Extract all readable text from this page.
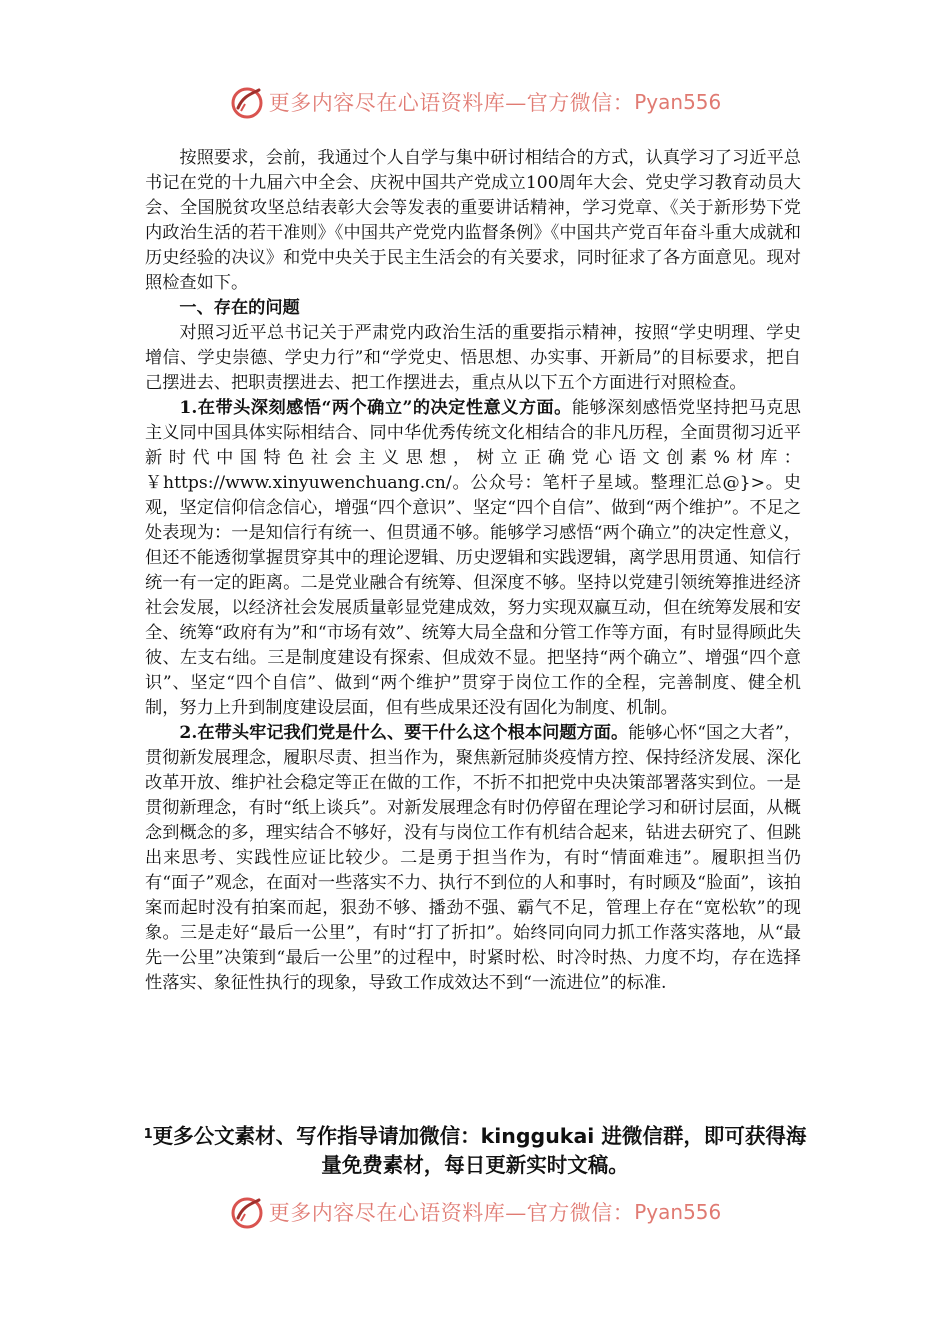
更多内容尽在心语资料库—官方微信： Pyan556

按照要求，会前，我通过个人自学与集中研讨相结合的方式，认真学习了习近平总书记在党的十九届六中全会、庆祝中国共产党成立100周年大会、党史学习教育动员大会、全国脱贫攻坚总结表彰大会等发表的重要讲话精神，学习党章、《关于新形势下党内政治生活的若干准则》《中国共产党党内监督条例》《中国共产党百年奋斗重大成就和历史经验的决议》和党中央关于民主生活会的有关要求，同时征求了各方面意见。现对照检查如下。

一、存在的问题

对照习近平总书记关于严肃党内政治生活的重要指示精神，按照“学史明理、学史增信、学史崇德、学史力行”和“学党史、悟思想、办实事、开新局”的目标要求，把自己摆进去、把职责摆进去、把工作摆进去，重点从以下五个方面进行对照检查。

1.在带头深刻感悟“两个确立”的决定性意义方面。能够深刻感悟党坚持把马克思主义同中国具体实际相结合、同中华优秀传统文化相结合的非凡历程，全面贯彻习近平新时代中国特色社会主义思想，树立正确党心语文创素%材库：￥https://www.xinyuwenchuang.cn/。公众号：笔杆子星域。整理汇总@}>。史观，坚定信仰信念信心，增强“四个意识”、坚定“四个自信”、做到“两个维护”。不足之处表现为：一是知信行有统一、但贯通不够。能够学习感悟“两个确立”的决定性意义，但还不能透彻掌握贯穿其中的理论逻辑、历史逻辑和实践逻辑，离学思用贯通、知信行统一有一定的距离。二是党业融合有统筹、但深度不够。坚持以党建引领统筹推进经济社会发展，以经济社会发展质量彰显党建成效，努力实现双赢互动，但在统筹发展和安全、统筹“政府有为”和“市场有效”、统筹大局全盘和分管工作等方面，有时显得顾此失彼、左支右绌。三是制度建设有探索、但成效不显。把坚持“两个确立”、增强“四个意识”、坚定“四个自信”、做到“两个维护”贯穿于岗位工作的全程，完善制度、健全机制，努力上升到制度建设层面，但有些成果还没有固化为制度、机制。

2.在带头牢记我们党是什么、要干什么这个根本问题方面。能够心怀“国之大者”，贯彻新发展理念，履职尽责、担当作为，聚焦新冠肺炎疫情方控、保持经济发展、深化改革开放、维护社会稳定等正在做的工作，不折不扣把党中央决策部署落实到位。一是贯彻新理念，有时“纸上谈兵”。对新发展理念有时仍停留在理论学习和研讨层面，从概念到概念的多，理实结合不够好，没有与岗位工作有机结合起来，钻进去研究了、但跳出来思考、实践性应证比较少。二是勇于担当作为，有时“情面难违”。履职担当仍有“面子”观念，在面对一些落实不力、执行不到位的人和事时，有时顾及“脸面”，该拍案而起时没有拍案而起，狠劲不够、播劲不强、霸气不足，管理上存在“宽松软”的现象。三是走好“最后一公里”，有时“打了折扣”。始终同向同力抓工作落实落地，从“最先一公里”决策到“最后一公里”的过程中，时紧时松、时冷时热、力度不均，存在选择性落实、象征性执行的现象，导致工作成效达不到“一流进位”的标准.

$^1$更多公文素材、写作指导请加微信：kinggukai 进微信群，即可获得海量免费素材，每日更新实时文稿。
更多内容尽在心语资料库—官方微信： Pyan556
